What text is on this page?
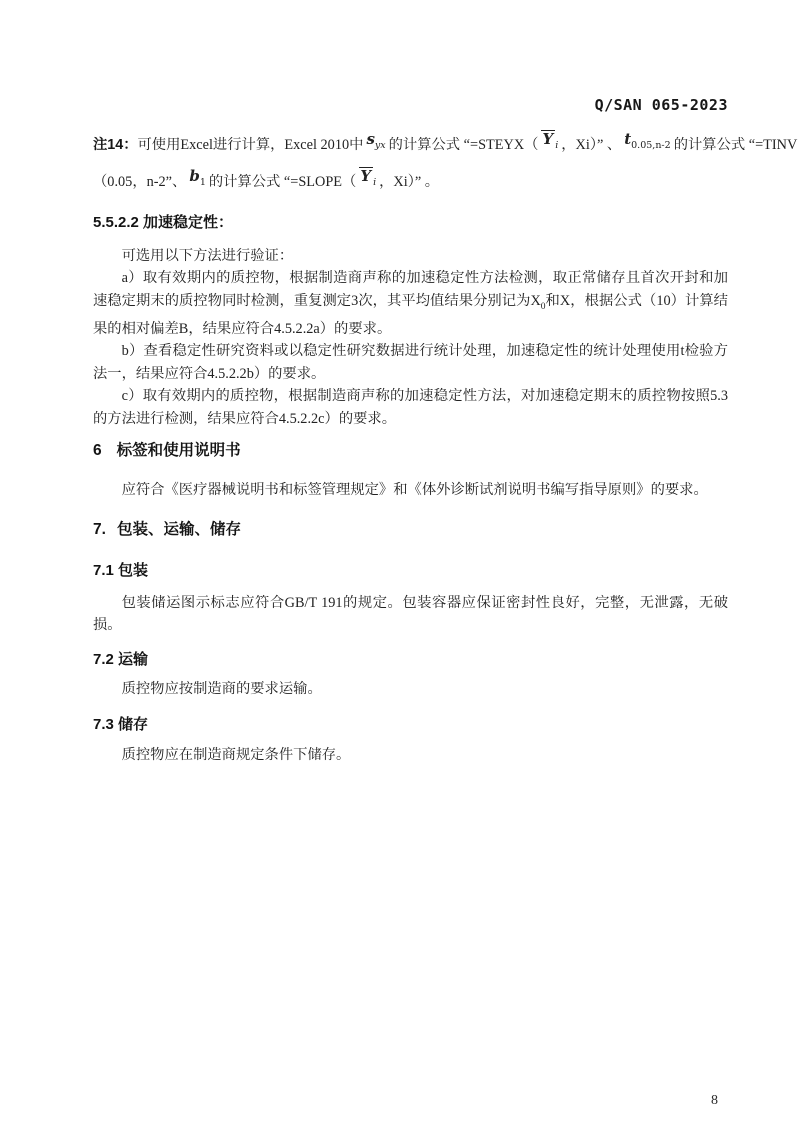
Q/SAN 065-2023
注14：可使用Excel进行计算，Excel 2010中 $s_{yx}$ 的计算公式 “=STEYX（ Y $_i$ ，Xi）” 、 $t_{0.05,n-2}$ 的计算公式 “=TINV
（0.05，n-2”、 $b_1$ 的计算公式 “=SLOPE（ Y $_i$ ，Xi）” 。
5.5.2.2 加速稳定性：
可选用以下方法进行验证：
a）取有效期内的质控物，根据制造商声称的加速稳定性方法检测，取正常储存且首次开封和加速稳定期末的质控物同时检测，重复测定3次，其平均值结果分别记为$X_0$和X，根据公式（10）计算结果的相对偏差B，结果应符合4.5.2.2a）的要求。
b）查看稳定性研究资料或以稳定性研究数据进行统计处理，加速稳定性的统计处理使用t检验方法一，结果应符合4.5.2.2b）的要求。
c）取有效期内的质控物，根据制造商声称的加速稳定性方法，对加速稳定期末的质控物按照5.3的方法进行检测，结果应符合4.5.2.2c）的要求。
6 标签和使用说明书
应符合《医疗器械说明书和标签管理规定》和《体外诊断试剂说明书编写指导原则》的要求。
7. 包装、运输、储存
7.1 包装
包装储运图示标志应符合GB/T 191的规定。包装容器应保证密封性良好，完整，无泄露，无破损。
7.2 运输
质控物应按制造商的要求运输。
7.3 储存
质控物应在制造商规定条件下储存。
8
